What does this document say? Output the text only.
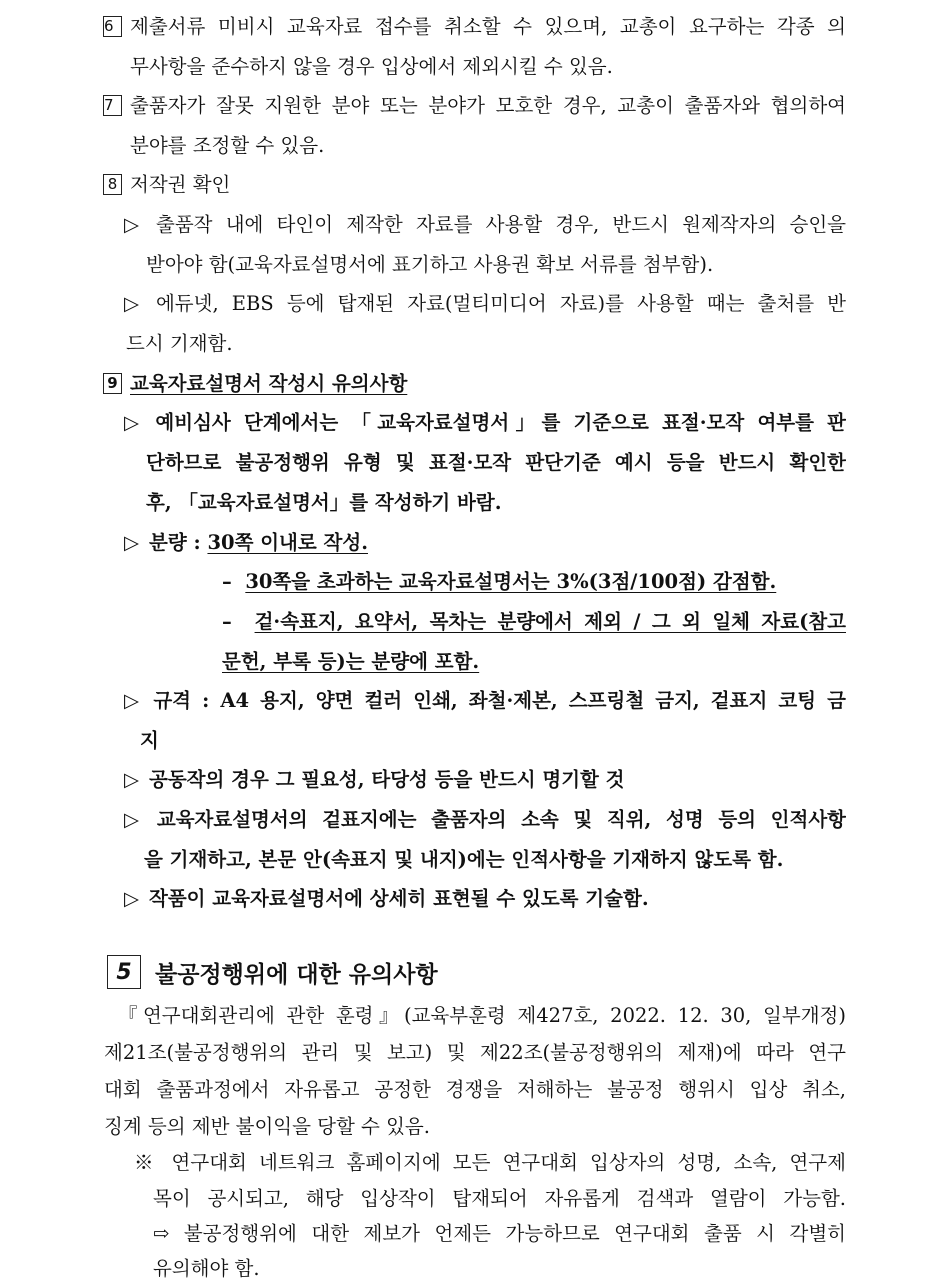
6 제출서류 미비시 교육자료 접수를 취소할 수 있으며, 교총이 요구하는 각종 의
무사항을 준수하지 않을 경우 입상에서 제외시킬 수 있음.
7 출품자가 잘못 지원한 분야 또는 분야가 모호한 경우, 교총이 출품자와 협의하여
분야를 조정할 수 있음.
8 저작권 확인
▷ 출품작 내에 타인이 제작한 자료를 사용할 경우, 반드시 원제작자의 승인을
받아야 함(교육자료설명서에 표기하고 사용권 확보 서류를 첨부함).
▷ 에듀넷, EBS 등에 탑재된 자료(멀티미디어 자료)를 사용할 때는 출처를 반
드시 기재함.
9 교육자료설명서 작성시 유의사항
▷ 예비심사 단계에서는 「교육자료설명서」를 기준으로 표절·모작 여부를 판
단하므로 불공정행위 유형 및 표절·모작 판단기준 예시 등을 반드시 확인한
후, 「교육자료설명서」를 작성하기 바람.
▷ 분량 : 30쪽 이내로 작성.
– 30쪽을 초과하는 교육자료설명서는 3%(3점/100점) 감점함.
– 겉·속표지, 요약서, 목차는 분량에서 제외 / 그 외 일체 자료(참고
문헌, 부록 등)는 분량에 포함.
▷ 규격 : A4 용지, 양면 컬러 인쇄, 좌철·제본, 스프링철 금지, 겉표지 코팅 금
지
▷ 공동작의 경우 그 필요성, 타당성 등을 반드시 명기할 것
▷ 교육자료설명서의 겉표지에는 출품자의 소속 및 직위, 성명 등의 인적사항
을 기재하고, 본문 안(속표지 및 내지)에는 인적사항을 기재하지 않도록 함.
▷ 작품이 교육자료설명서에 상세히 표현될 수 있도록 기술함.
5	불공정행위에 대한 유의사항
『연구대회관리에 관한 훈령』(교육부훈령 제427호, 2022. 12. 30, 일부개정)
제21조(불공정행위의 관리 및 보고) 및 제22조(불공정행위의 제재)에 따라 연구
대회 출품과정에서 자유롭고 공정한 경쟁을 저해하는 불공정 행위시 입상 취소,
징계 등의 제반 불이익을 당할 수 있음.
※ 연구대회 네트워크 홈페이지에 모든 연구대회 입상자의 성명, 소속, 연구제
목이 공시되고, 해당 입상작이 탑재되어 자유롭게 검색과 열람이 가능함.
⇨ 불공정행위에 대한 제보가 언제든 가능하므로 연구대회 출품 시 각별히
유의해야 함.
